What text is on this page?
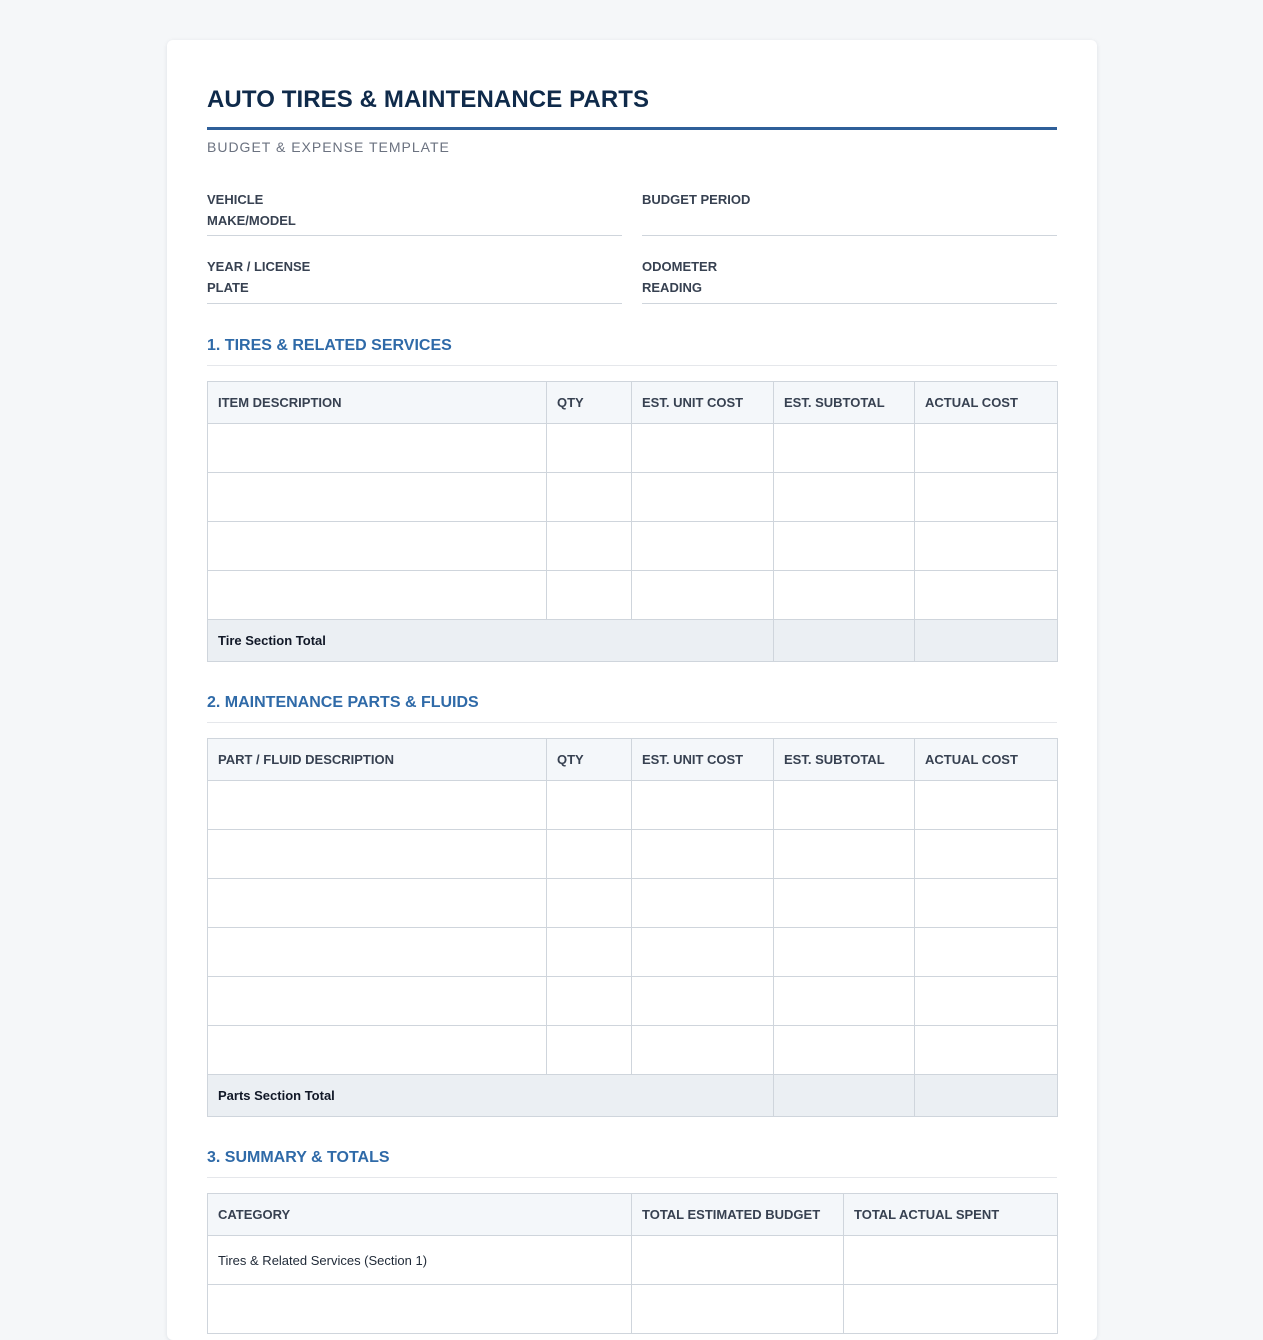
AUTO TIRES & MAINTENANCE PARTS
BUDGET & EXPENSE TEMPLATE
VEHICLE MAKE/MODEL
BUDGET PERIOD
YEAR / LICENSE PLATE
ODOMETER READING
1. TIRES & RELATED SERVICES
ITEM DESCRIPTION	QTY	EST. UNIT COST	EST. SUBTOTAL	ACTUAL COST

Tire Section Total				
2. MAINTENANCE PARTS & FLUIDS
PART / FLUID DESCRIPTION	QTY	EST. UNIT COST	EST. SUBTOTAL	ACTUAL COST

Parts Section Total				
3. SUMMARY & TOTALS
CATEGORY	TOTAL ESTIMATED BUDGET	TOTAL ACTUAL SPENT
Tires & Related Services (Section 1)		
